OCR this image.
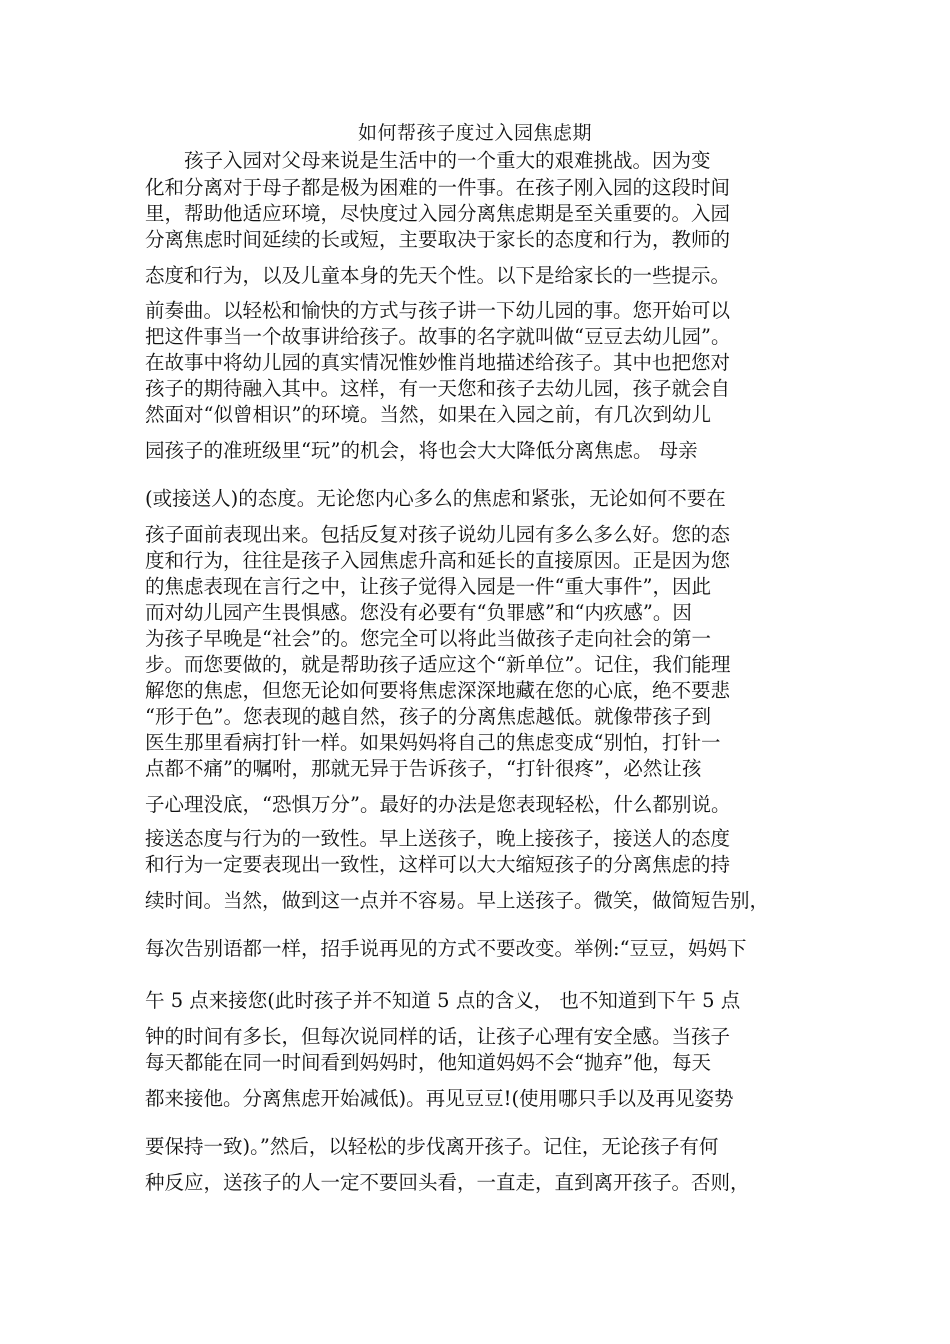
如何帮孩子度过入园焦虑期
　　孩子入园对父母来说是生活中的一个重大的艰难挑战。因为变
化和分离对于母子都是极为困难的一件事。在孩子刚入园的这段时间
里，帮助他适应环境，尽快度过入园分离焦虑期是至关重要的。入园
分离焦虑时间延续的长或短，主要取决于家长的态度和行为，教师的
态度和行为，以及儿童本身的先天个性。以下是给家长的一些提示。
前奏曲。以轻松和愉快的方式与孩子讲一下幼儿园的事。您开始可以
把这件事当一个故事讲给孩子。故事的名字就叫做“豆豆去幼儿园”。
在故事中将幼儿园的真实情况惟妙惟肖地描述给孩子。其中也把您对
孩子的期待融入其中。这样，有一天您和孩子去幼儿园，孩子就会自
然面对“似曾相识”的环境。当然，如果在入园之前，有几次到幼儿
园孩子的准班级里“玩”的机会，将也会大大降低分离焦虑。 母亲
(或接送人)的态度。无论您内心多么的焦虑和紧张，无论如何不要在
孩子面前表现出来。包括反复对孩子说幼儿园有多么多么好。您的态
度和行为，往往是孩子入园焦虑升高和延长的直接原因。正是因为您
的焦虑表现在言行之中，让孩子觉得入园是一件“重大事件”，因此
而对幼儿园产生畏惧感。您没有必要有“负罪感”和“内疚感”。因
为孩子早晚是“社会”的。您完全可以将此当做孩子走向社会的第一
步。而您要做的，就是帮助孩子适应这个“新单位”。记住，我们能理
解您的焦虑，但您无论如何要将焦虑深深地藏在您的心底，绝不要悲
“形于色”。您表现的越自然，孩子的分离焦虑越低。就像带孩子到
医生那里看病打针一样。如果妈妈将自己的焦虑变成“别怕，打针一
点都不痛”的嘱咐，那就无异于告诉孩子，“打针很疼”，必然让孩
子心理没底，“恐惧万分”。最好的办法是您表现轻松，什么都别说。
接送态度与行为的一致性。早上送孩子，晚上接孩子，接送人的态度
和行为一定要表现出一致性，这样可以大大缩短孩子的分离焦虑的持
续时间。当然，做到这一点并不容易。早上送孩子。微笑，做简短告别，
每次告别语都一样，招手说再见的方式不要改变。举例:“豆豆，妈妈下
午 5 点来接您(此时孩子并不知道 5 点的含义， 也不知道到下午 5 点
钟的时间有多长，但每次说同样的话，让孩子心理有安全感。当孩子
每天都能在同一时间看到妈妈时，他知道妈妈不会“抛弃”他，每天
都来接他。分离焦虑开始减低)。再见豆豆!(使用哪只手以及再见姿势
要保持一致)。”然后，以轻松的步伐离开孩子。记住，无论孩子有何
种反应，送孩子的人一定不要回头看，一直走，直到离开孩子。否则，
